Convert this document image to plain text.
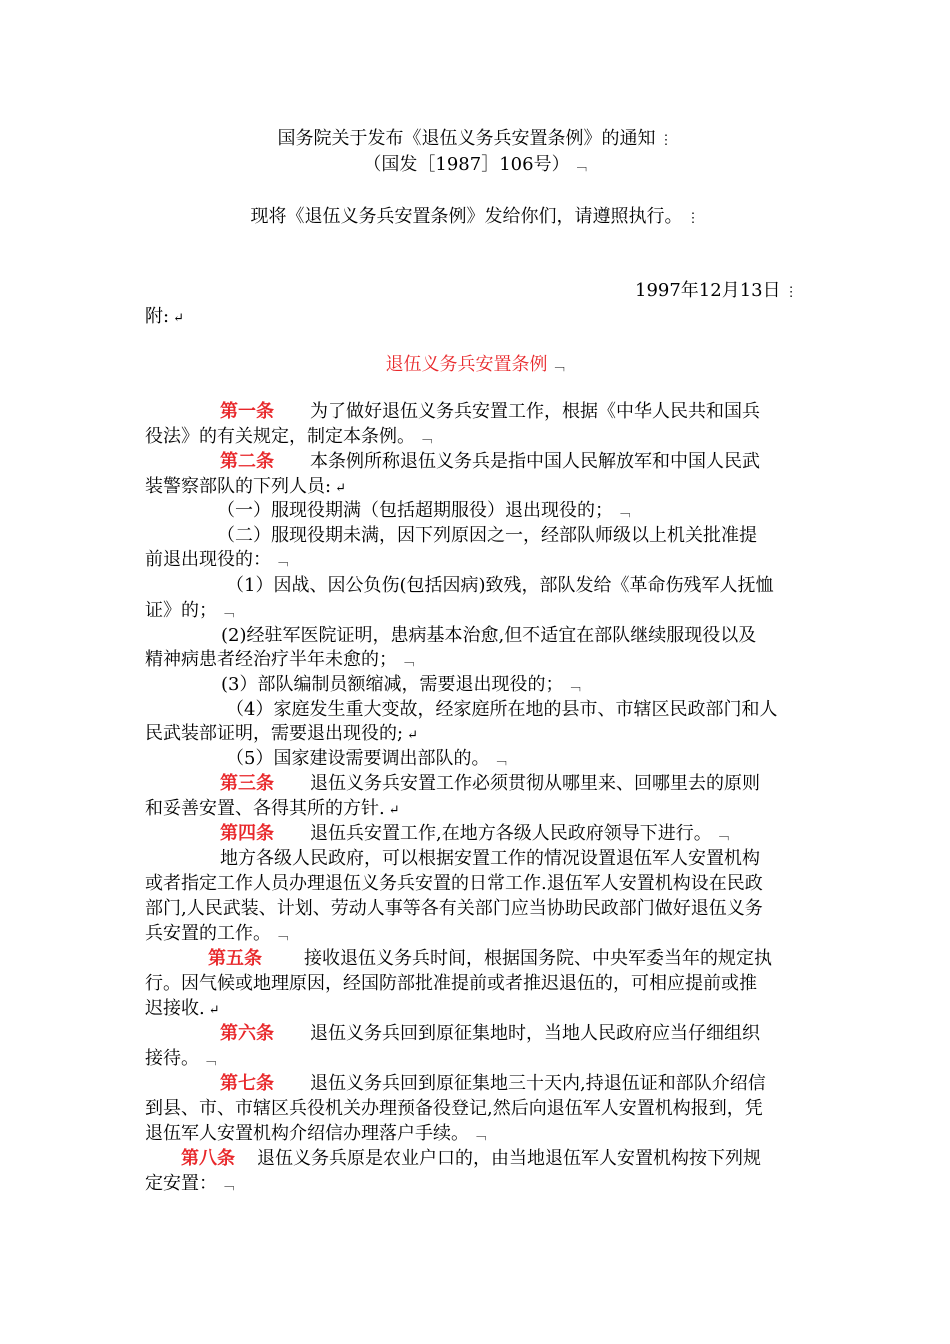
国务院关于发布《退伍义务兵安置条例》的通知 ⋮
（国发［1987］106号） ﹁
现将《退伍义务兵安置条例》发给你们，请遵照执行。 ⋮
1997年12月13日 ⋮
附: ↵
退伍义务兵安置条例 ﹁
第一条 为了做好退伍义务兵安置工作，根据《中华人民共和国兵
役法》的有关规定，制定本条例。 ﹁
第二条 本条例所称退伍义务兵是指中国人民解放军和中国人民武
装警察部队的下列人员: ↵
（一）服现役期满（包括超期服役）退出现役的； ﹁
（二）服现役期未满，因下列原因之一，经部队师级以上机关批准提
前退出现役的： ﹁
（1）因战、因公负伤(包括因病)致残，部队发给《革命伤残军人抚恤
证》的； ﹁
(2)经驻军医院证明，患病基本治愈,但不适宜在部队继续服现役以及
精神病患者经治疗半年未愈的； ﹁
(3）部队编制员额缩减，需要退出现役的； ﹁
（4）家庭发生重大变故，经家庭所在地的县市、市辖区民政部门和人
民武装部证明，需要退出现役的; ↵
（5）国家建设需要调出部队的。 ﹁
第三条 退伍义务兵安置工作必须贯彻从哪里来、回哪里去的原则
和妥善安置、各得其所的方针. ↵
第四条 退伍兵安置工作,在地方各级人民政府领导下进行。 ﹁
地方各级人民政府，可以根据安置工作的情况设置退伍军人安置机构
或者指定工作人员办理退伍义务兵安置的日常工作.退伍军人安置机构设在民政
部门,人民武装、计划、劳动人事等各有关部门应当协助民政部门做好退伍义务
兵安置的工作。 ﹁
第五条 接收退伍义务兵时间，根据国务院、中央军委当年的规定执
行。因气候或地理原因，经国防部批准提前或者推迟退伍的，可相应提前或推
迟接收. ↵
第六条 退伍义务兵回到原征集地时，当地人民政府应当仔细组织
接待。 ﹁
第七条 退伍义务兵回到原征集地三十天内,持退伍证和部队介绍信
到县、市、市辖区兵役机关办理预备役登记,然后向退伍军人安置机构报到，凭
退伍军人安置机构介绍信办理落户手续。 ﹁
第八条 退伍义务兵原是农业户口的，由当地退伍军人安置机构按下列规
定安置： ﹁
